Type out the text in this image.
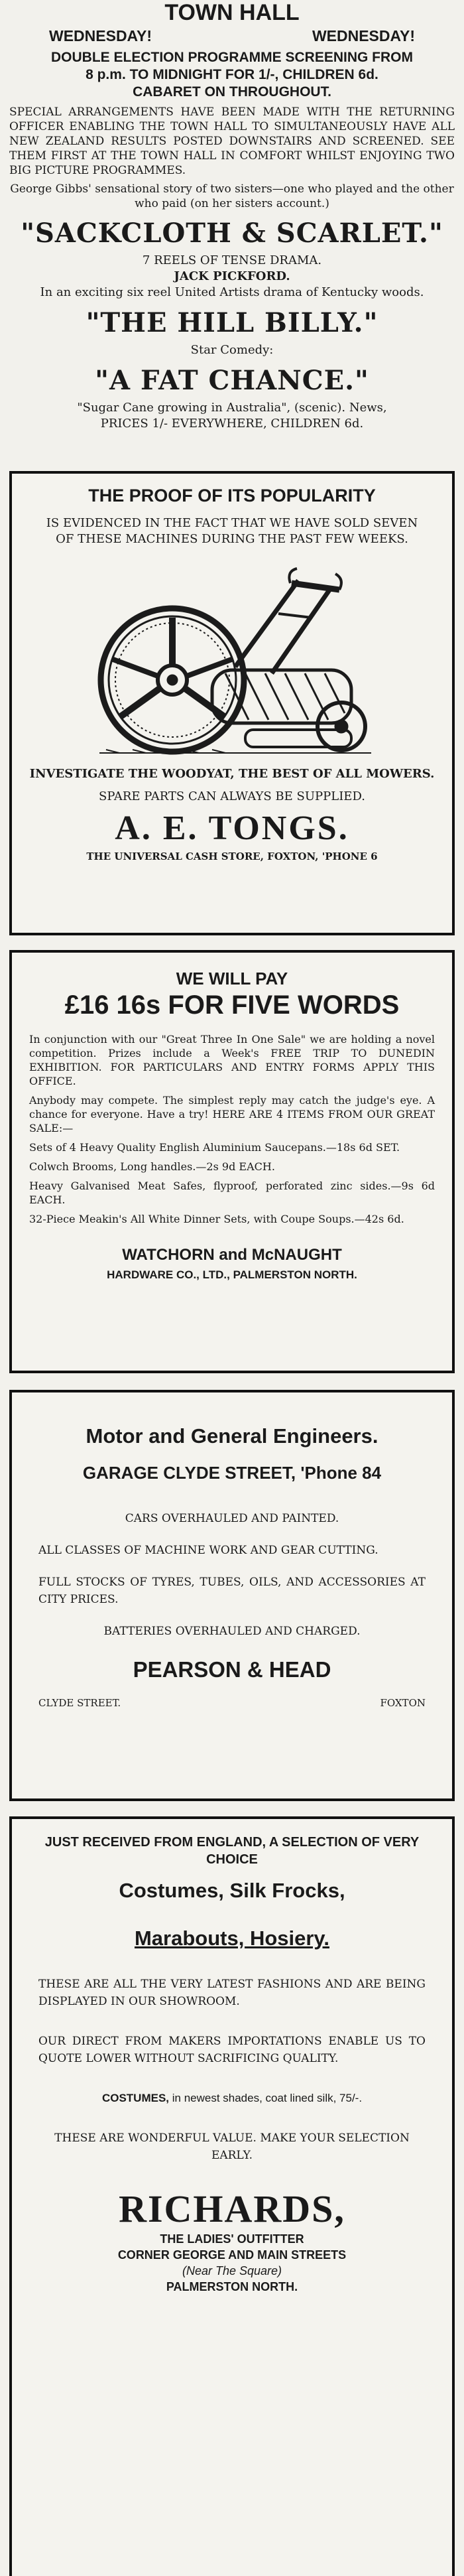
TOWN HALL
WEDNESDAY!	WEDNESDAY!
DOUBLE ELECTION PROGRAMME SCREENING FROM
8 p.m. TO MIDNIGHT FOR 1/-, CHILDREN 6d.
CABARET ON THROUGHOUT.
SPECIAL ARRANGEMENTS HAVE BEEN MADE WITH THE RETURNING OFFICER ENABLING THE TOWN HALL TO SIMULTANEOUSLY HAVE ALL NEW ZEALAND RESULTS POSTED DOWNSTAIRS AND SCREENED. SEE THEM FIRST AT THE TOWN HALL IN COMFORT WHILST ENJOYING TWO BIG PICTURE PROGRAMMES.
George Gibbs' sensational story of two sisters—one who played and the other who paid (on her sisters account.)
"SACKCLOTH & SCARLET."
7 REELS OF TENSE DRAMA.
JACK PICKFORD.
In an exciting six reel United Artists drama of Kentucky woods.
"THE HILL BILLY."
Star Comedy:
"A FAT CHANCE."
"Sugar Cane growing in Australia", (scenic). News,
PRICES 1/- EVERYWHERE, CHILDREN 6d.
THE PROOF OF ITS POPULARITY
IS EVIDENCED IN THE FACT THAT WE HAVE SOLD SEVEN OF THESE MACHINES DURING THE PAST FEW WEEKS.
INVESTIGATE THE WOODYAT, THE BEST OF ALL MOWERS.
SPARE PARTS CAN ALWAYS BE SUPPLIED.
A. E. TONGS.
THE UNIVERSAL CASH STORE, FOXTON, 'PHONE 6
WE WILL PAY
£16 16s FOR FIVE WORDS

In conjunction with our "Great Three In One Sale" we are holding a novel competition. Prizes include a Week's FREE TRIP TO DUNEDIN EXHIBITION. FOR PARTICULARS AND ENTRY FORMS APPLY THIS OFFICE.

Anybody may compete. The simplest reply may catch the judge's eye. A chance for everyone. Have a try! HERE ARE 4 ITEMS FROM OUR GREAT SALE:—

Sets of 4 Heavy Quality English Aluminium Saucepans.—18s 6d SET.

Colwch Brooms, Long handles.—2s 9d EACH.

Heavy Galvanised Meat Safes, flyproof, perforated zinc sides.—9s 6d EACH.

32-Piece Meakin's All White Dinner Sets, with Coupe Soups.—42s 6d.

WATCHORN and McNAUGHT
HARDWARE CO., LTD., PALMERSTON NORTH.
Motor and General Engineers.
GARAGE CLYDE STREET, 'Phone 84

CARS OVERHAULED AND PAINTED.

ALL CLASSES OF MACHINE WORK AND GEAR CUTTING.

FULL STOCKS OF TYRES, TUBES, OILS, AND ACCESSORIES AT CITY PRICES.

BATTERIES OVERHAULED AND CHARGED.

PEARSON & HEAD
CLYDE STREET.	FOXTON
JUST RECEIVED FROM ENGLAND, A SELECTION OF VERY CHOICE
Costumes, Silk Frocks,
Marabouts, Hosiery.

THESE ARE ALL THE VERY LATEST FASHIONS AND ARE BEING DISPLAYED IN OUR SHOWROOM.

OUR DIRECT FROM MAKERS IMPORTATIONS ENABLE US TO QUOTE LOWER WITHOUT SACRIFICING QUALITY.

COSTUMES, in newest shades, coat lined silk, 75/-.

THESE ARE WONDERFUL VALUE. MAKE YOUR SELECTION EARLY.

RICHARDS,
THE LADIES' OUTFITTER
CORNER GEORGE AND MAIN STREETS
(Near The Square)
PALMERSTON NORTH.
